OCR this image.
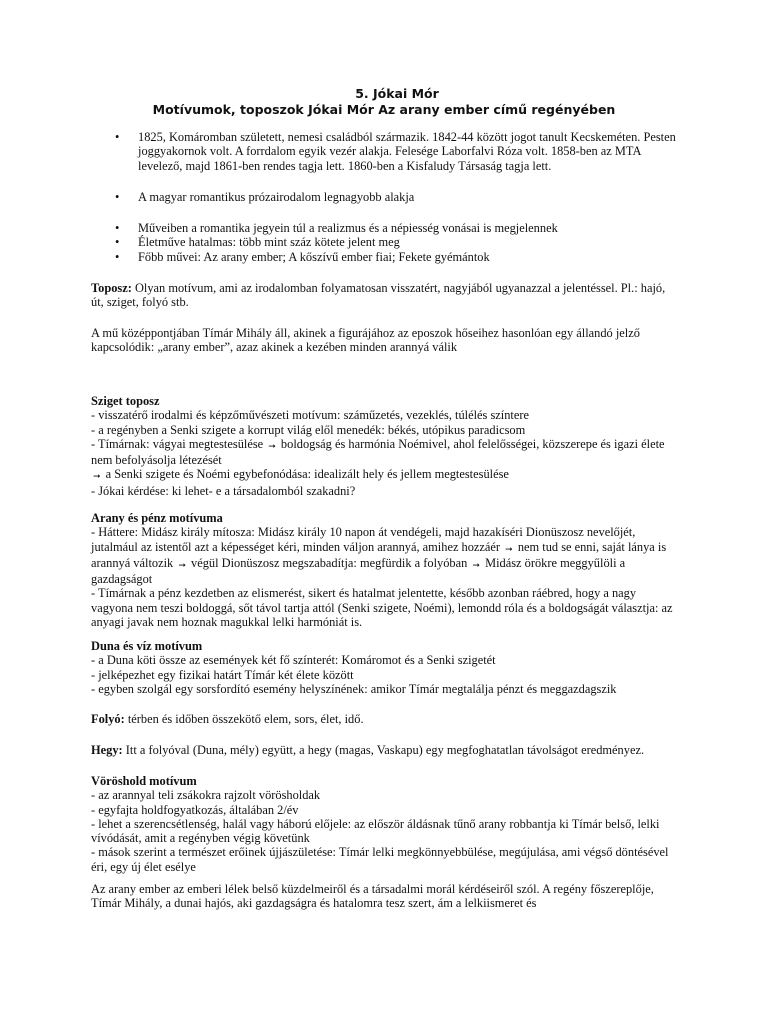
5. Jókai Mór
Motívumok, toposzok Jókai Mór Az arany ember című regényében
• 1825, Komáromban született, nemesi családból származik. 1842-44 között jogot tanult Kecskeméten. Pesten joggyakornok volt. A forrdalom egyik vezér alakja. Felesége Laborfalvi Róza volt. 1858-ben az MTA levelező, majd 1861-ben rendes tagja lett. 1860-ben a Kisfaludy Társaság tagja lett.
• A magyar romantikus prózairodalom legnagyobb alakja
• Műveiben a romantika jegyein túl a realizmus és a népiesség vonásai is megjelennek
• Életműve hatalmas: több mint száz kötete jelent meg
• Főbb művei: Az arany ember; A kőszívű ember fiai; Fekete gyémántok

Toposz: Olyan motívum, ami az irodalomban folyamatosan visszatért, nagyjából ugyanazzal a jelentéssel. Pl.: hajó, út, sziget, folyó stb.

A mű középpontjában Tímár Mihály áll, akinek a figurájához az eposzok hőseihez hasonlóan egy állandó jelző kapcsolódik: „arany ember”, azaz akinek a kezében minden arannyá válik

Sziget toposz
- visszatérő irodalmi és képzőművészeti motívum: száműzetés, vezeklés, túlélés színtere
- a regényben a Senki szigete a korrupt világ elől menedék: békés, utópikus paradicsom
- Tímárnak: vágyai megtestesülése ➞ boldogság és harmónia Noémivel, ahol felelősségei, közszerepe és igazi élete nem befolyásolja létezését
➞ a Senki szigete és Noémi egybefonódása: idealizált hely és jellem megtestesülése
- Jókai kérdése: ki lehet- e a társadalomból szakadni?
Arany és pénz motívuma
- Háttere: Midász király mítosza: Midász király 10 napon át vendégeli, majd hazakíséri Dionüszosz nevelőjét, jutalmául az istentől azt a képességet kéri, minden váljon arannyá, amihez hozzáér ➞ nem tud se enni, saját lánya is arannyá változik ➞ végül Dionüszosz megszabadítja: megfürdik a folyóban ➞ Midász örökre meggyűlöli a gazdagságot
- Tímárnak a pénz kezdetben az elismerést, sikert és hatalmat jelentette, később azonban ráébred, hogy a nagy vagyona nem teszi boldoggá, sőt távol tartja attól (Senki szigete, Noémi), lemondd róla és a boldogságát választja: az anyagi javak nem hoznak magukkal lelki harmóniát is.
Duna és víz motívum
- a Duna köti össze az események két fő színterét: Komáromot és a Senki szigetét
- jelképezhet egy fizikai határt Tímár két élete között
- egyben szolgál egy sorsfordító esemény helyszínének: amikor Tímár megtalálja pénzt és meggazdagszik

Folyó: térben és időben összekötő elem, sors, élet, idő.

Hegy: Itt a folyóval (Duna, mély) együtt, a hegy (magas, Vaskapu) egy megfoghatatlan távolságot eredményez.

Vöröshold motívum
- az arannyal teli zsákokra rajzolt vörösholdak
- egyfajta holdfogyatkozás, általában 2/év
- lehet a szerencsétlenség, halál vagy háború előjele: az először áldásnak tűnő arany robbantja ki Tímár belső, lelki vívódását, amit a regényben végig követünk
- mások szerint a természet erőinek újjászületése: Tímár lelki megkönnyebbülése, megújulása, ami végső döntésével éri, egy új élet esélye

Az arany ember az emberi lélek belső küzdelmeiről és a társadalmi morál kérdéseiről szól. A regény főszereplője, Tímár Mihály, a dunai hajós, aki gazdagságra és hatalomra tesz szert, ám a lelkiismeret és
